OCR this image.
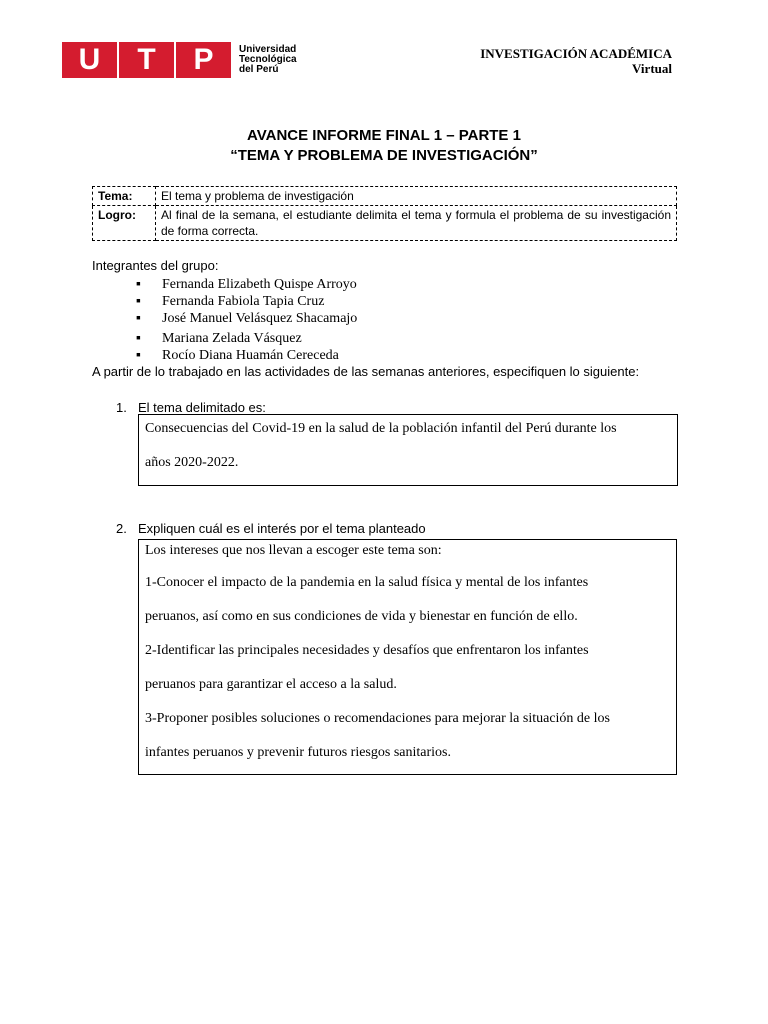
U	T	P	Universidad
Tecnológica
del Perú
INVESTIGACIÓN ACADÉMICA
Virtual
AVANCE INFORME FINAL 1 – PARTE 1
“TEMA Y PROBLEMA DE INVESTIGACIÓN”
Tema:	El tema y problema de investigación
Logro:	Al final de la semana, el estudiante delimita el tema y formula el problema de su investigación de forma correcta.
Integrantes del grupo:
▪ Fernanda Elizabeth Quispe Arroyo
▪ Fernanda Fabiola Tapia Cruz
▪ José Manuel Velásquez Shacamajo
▪ Mariana Zelada Vásquez
▪ Rocío Diana Huamán Cereceda
A partir de lo trabajado en las actividades de las semanas anteriores, especifiquen lo siguiente:
1. El tema delimitado es:

Consecuencias del Covid-19 en la salud de la población infantil del Perú durante los

años 2020-2022.

2. Expliquen cuál es el interés por el tema planteado

Los intereses que nos llevan a escoger este tema son:

1-Conocer el impacto de la pandemia en la salud física y mental de los infantes

peruanos, así como en sus condiciones de vida y bienestar en función de ello.

2-Identificar las principales necesidades y desafíos que enfrentaron los infantes

peruanos para garantizar el acceso a la salud.

3-Proponer posibles soluciones o recomendaciones para mejorar la situación de los

infantes peruanos y prevenir futuros riesgos sanitarios.
